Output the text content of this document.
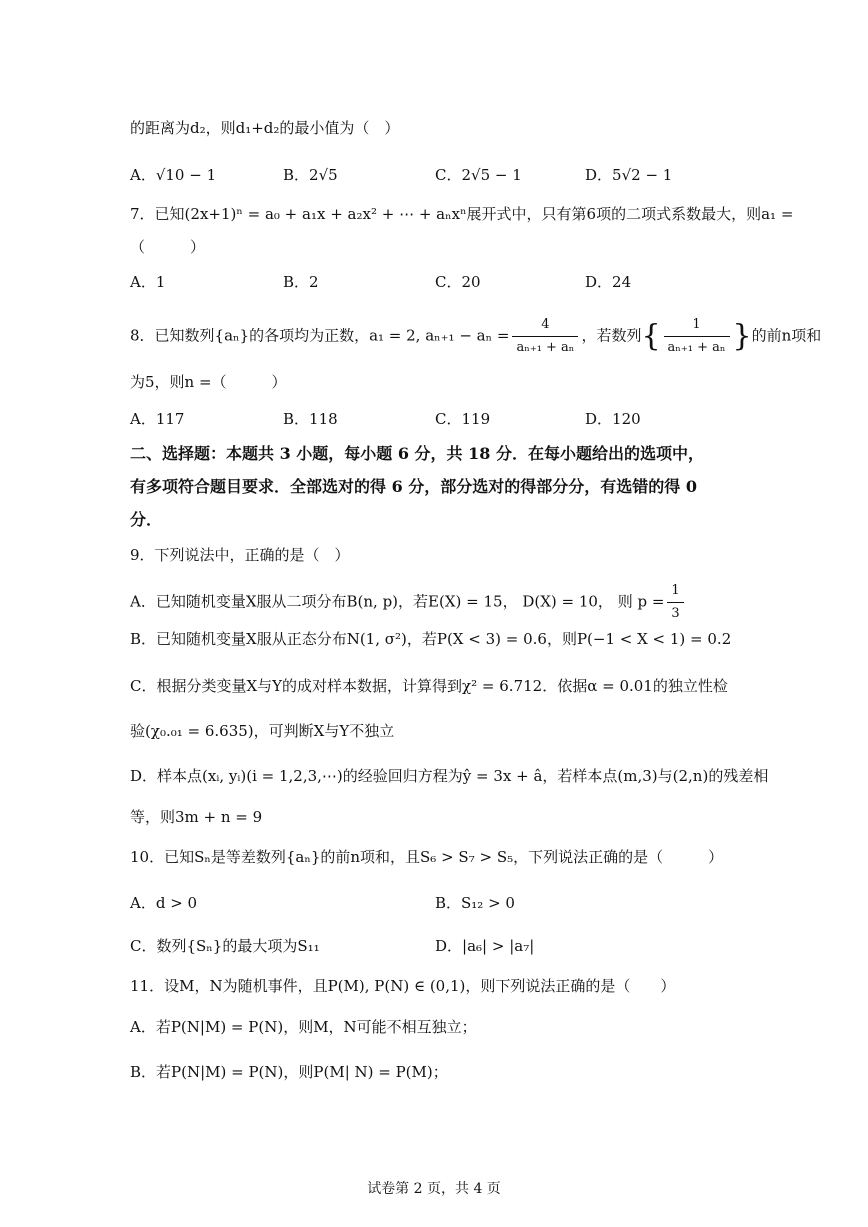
的距离为d₂，则d₁+d₂的最小值为（　）
A．√10 − 1	B．2√5	C．2√5 − 1	D．5√2 − 1
7．已知(2x+1)ⁿ = a₀ + a₁x + a₂x² + ⋯ + aₙxⁿ展开式中，只有第6项的二项式系数最大，则a₁ =
（　　　）
A．1	B．2	C．20	D．24
8．已知数列{aₙ}的各项均为正数，a₁ = 2, $a_{n+1} - a_n = \frac{4}{\text{aₙ₊₁ + aₙ}}$ ，若数列{ $\frac{1}{\text{aₙ₊₁ + aₙ}}$ }的前n项和
为5，则n =（　　　）
A．117	B．118	C．119	D．120
二、选择题：本题共 3 小题，每小题 6 分，共 18 分．在每小题给出的选项中，
有多项符合题目要求．全部选对的得 6 分，部分选对的得部分分，有选错的得 0
分．
9．下列说法中，正确的是（　）
A．已知随机变量X服从二项分布B(n, p)，若E(X) = 15， D(X) = 10， 则 $p = \frac{1}{3}$
B．已知随机变量X服从正态分布N(1, σ²)，若P(X < 3) = 0.6，则P(−1 < X < 1) = 0.2
C．根据分类变量X与Y的成对样本数据，计算得到χ² = 6.712．依据α = 0.01的独立性检
验(χ₀.₀₁ = 6.635)，可判断X与Y不独立
D．样本点(xᵢ, yᵢ)(i = 1,2,3,⋯)的经验回归方程为ŷ = 3x + â，若样本点(m,3)与(2,n)的残差相
等，则3m + n = 9
10．已知Sₙ是等差数列{aₙ}的前n项和，且S₆ > S₇ > S₅，下列说法正确的是（　　　）
A．d > 0	B．S₁₂ > 0
C．数列{Sₙ}的最大项为S₁₁	D．|a₆| > |a₇|
11．设M，N为随机事件，且P(M), P(N) ∈ (0,1)，则下列说法正确的是（　　）
A．若P(N|M) = P(N)，则M，N可能不相互独立；
B．若P(N|M) = P(N)，则P(M| N) = P(M)；
试卷第 2 页，共 4 页
